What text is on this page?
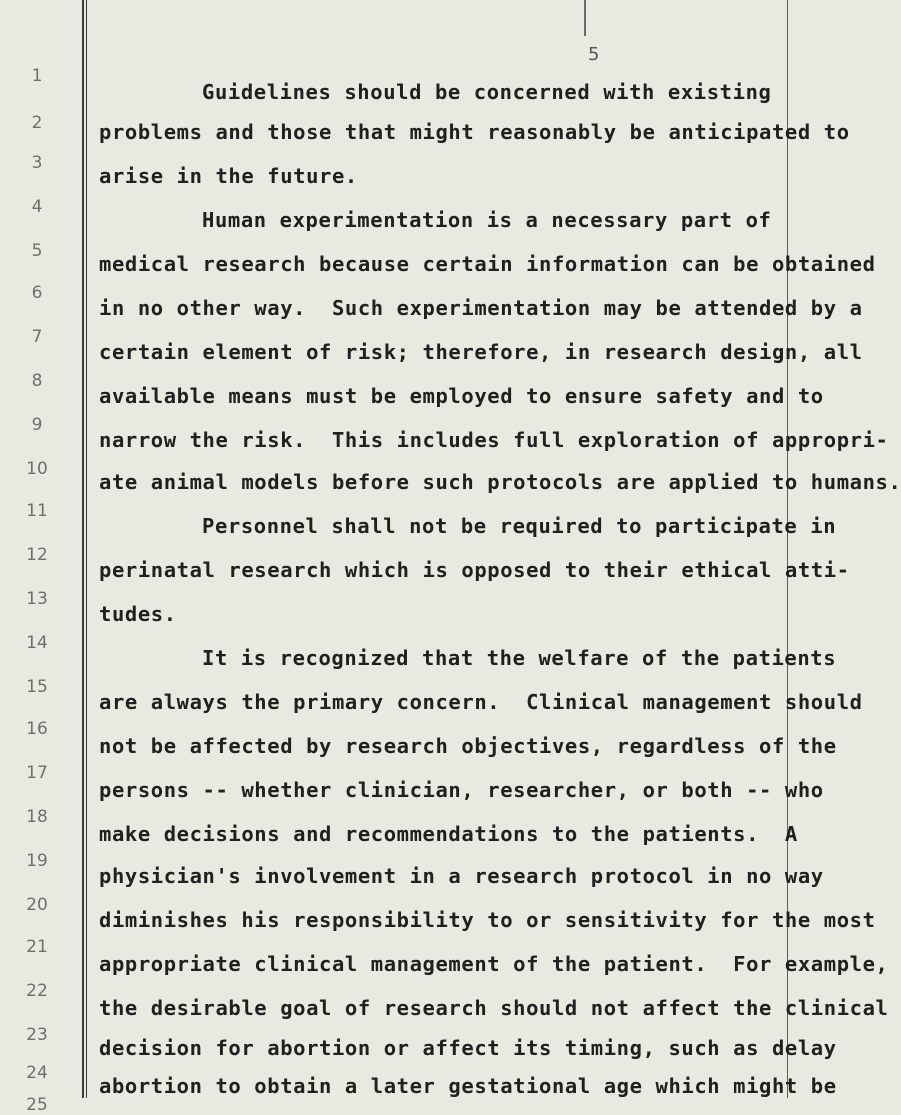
5
1
2
3
4
5
6
7
8
9
10
11
12
13
14
15
16
17
18
19
20
21
22
23
24
25
Guidelines should be concerned with existing
problems and those that might reasonably be anticipated to
arise in the future.
Human experimentation is a necessary part of
medical research because certain information can be obtained
in no other way.  Such experimentation may be attended by a
certain element of risk; therefore, in research design, all
available means must be employed to ensure safety and to
narrow the risk.  This includes full exploration of appropri-
ate animal models before such protocols are applied to humans.
Personnel shall not be required to participate in
perinatal research which is opposed to their ethical atti-
tudes.
It is recognized that the welfare of the patients
are always the primary concern.  Clinical management should
not be affected by research objectives, regardless of the
persons -- whether clinician, researcher, or both -- who
make decisions and recommendations to the patients.  A
physician's involvement in a research protocol in no way
diminishes his responsibility to or sensitivity for the most
appropriate clinical management of the patient.  For example,
the desirable goal of research should not affect the clinical
decision for abortion or affect its timing, such as delay
abortion to obtain a later gestational age which might be
